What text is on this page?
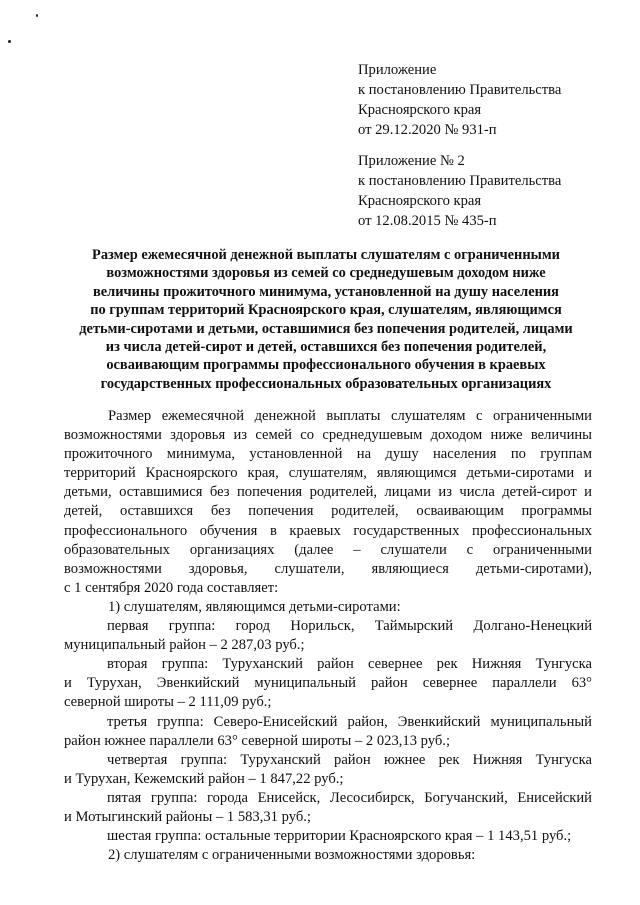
Приложение
к постановлению Правительства
Красноярского края
от 29.12.2020 № 931-п
Приложение № 2
к постановлению Правительства
Красноярского края
от 12.08.2015 № 435-п
Размер ежемесячной денежной выплаты слушателям с ограниченными
возможностями здоровья из семей со среднедушевым доходом ниже
величины прожиточного минимума, установленной на душу населения
по группам территорий Красноярского края, слушателям, являющимся
детьми-сиротами и детьми, оставшимися без попечения родителей, лицами
из числа детей-сирот и детей, оставшихся без попечения родителей,
осваивающим программы профессионального обучения в краевых
государственных профессиональных образовательных организациях
Размер ежемесячной денежной выплаты слушателям с ограниченными
возможностями здоровья из семей со среднедушевым доходом ниже величины
прожиточного минимума, установленной на душу населения по группам
территорий Красноярского края, слушателям, являющимся детьми-сиротами и
детьми, оставшимися без попечения родителей, лицами из числа детей-сирот и
детей, оставшихся без попечения родителей, осваивающим программы
профессионального обучения в краевых государственных профессиональных
образовательных организациях (далее – слушатели с ограниченными
возможностями здоровья, слушатели, являющиеся детьми-сиротами),
с 1 сентября 2020 года составляет:
1) слушателям, являющимся детьми-сиротами:
первая группа: город Норильск, Таймырский Долгано-Ненецкий
муниципальный район – 2 287,03 руб.;
вторая группа: Туруханский район севернее рек Нижняя Тунгуска
и Турухан, Эвенкийский муниципальный район севернее параллели 63°
северной широты – 2 111,09 руб.;
третья группа: Северо-Енисейский район, Эвенкийский муниципальный
район южнее параллели 63° северной широты – 2 023,13 руб.;
четвертая группа: Туруханский район южнее рек Нижняя Тунгуска
и Турухан, Кежемский район – 1 847,22 руб.;
пятая группа: города Енисейск, Лесосибирск, Богучанский, Енисейский
и Мотыгинский районы – 1 583,31 руб.;
шестая группа: остальные территории Красноярского края – 1 143,51 руб.;
2) слушателям с ограниченными возможностями здоровья:
